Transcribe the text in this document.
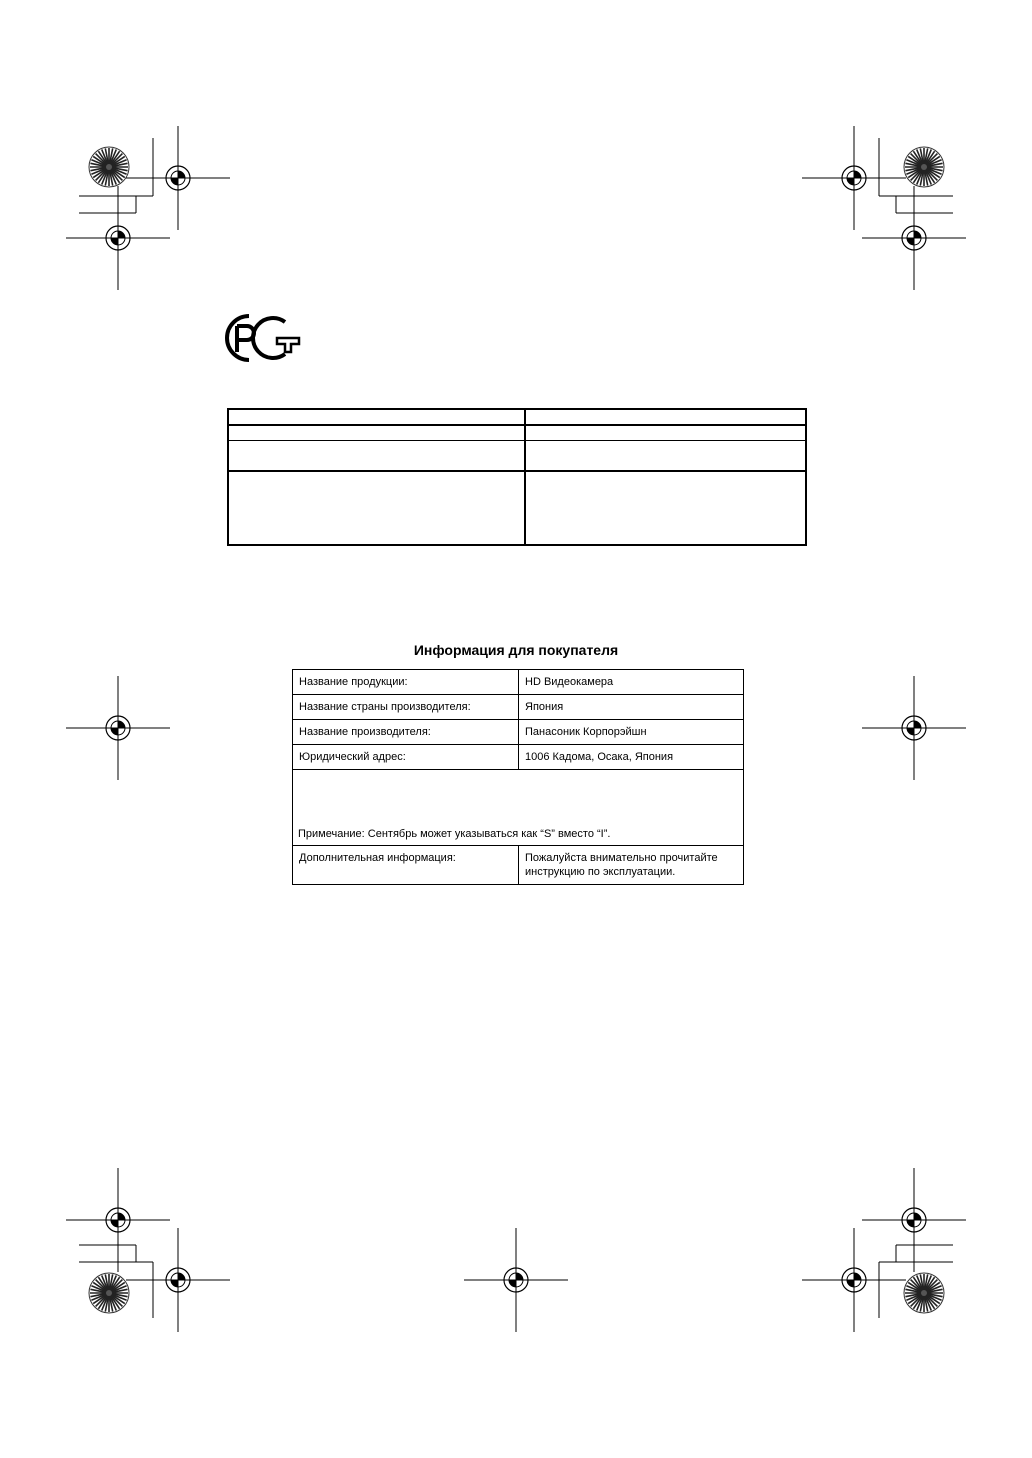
Информация для покупателя
Название продукции:	HD Видеокамера
Название страны производителя:	Япония
Название производителя:	Панасоник Корпорэйшн
Юридический адрес:	1006 Кадома, Осака, Япония
Примечание: Сентябрь может указываться как “S” вместо “I”.	
Дополнительная информация:	Пожалуйста внимательно прочитайте инструкцию по эксплуатации.
